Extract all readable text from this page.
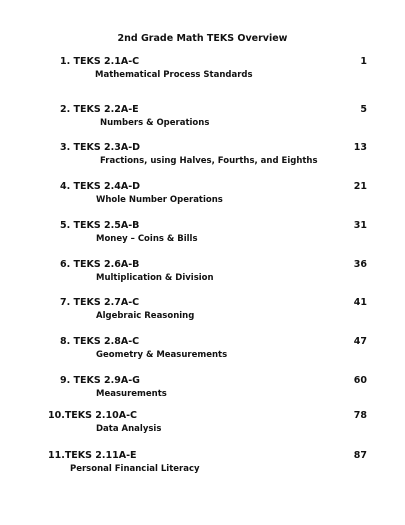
2nd Grade Math TEKS Overview
1. TEKS 2.1A-C
Mathematical Process Standards
1
2. TEKS 2.2A-E
Numbers & Operations
5
3. TEKS 2.3A-D
Fractions, using Halves, Fourths, and Eighths
13
4. TEKS 2.4A-D
Whole Number Operations
21
5. TEKS 2.5A-B
Money – Coins & Bills
31
6. TEKS 2.6A-B
Multiplication & Division
36
7. TEKS 2.7A-C
Algebraic Reasoning
41
8. TEKS 2.8A-C
Geometry & Measurements
47
9. TEKS 2.9A-G
Measurements
60
10.TEKS 2.10A-C
Data Analysis
78
11.TEKS 2.11A-E
Personal Financial Literacy
87
